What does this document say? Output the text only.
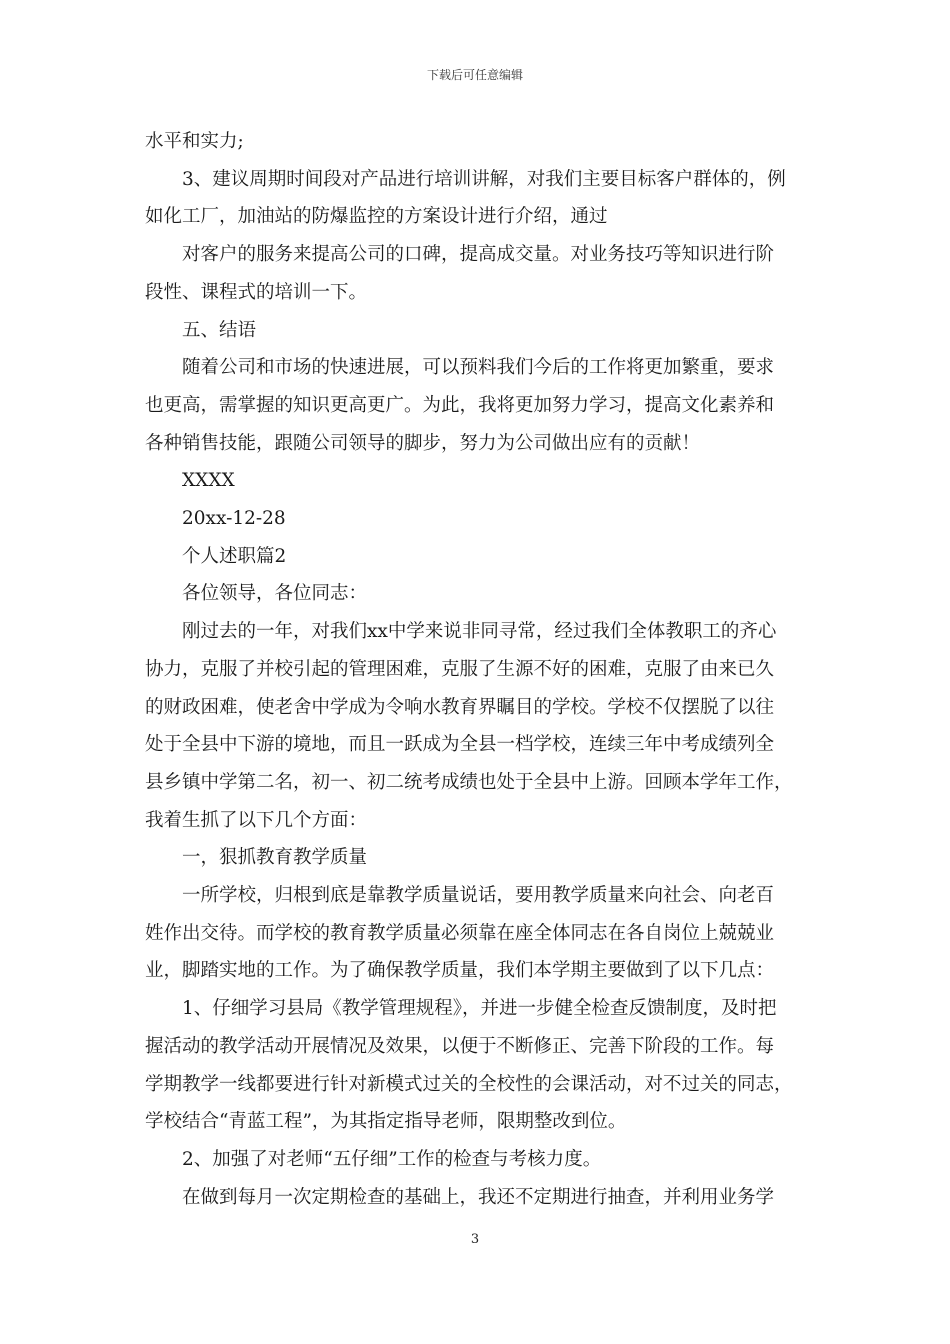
下载后可任意编辑

水平和实力;

3、建议周期时间段对产品进行培训讲解，对我们主要目标客户群体的，例

如化工厂，加油站的防爆监控的方案设计进行介绍，通过

对客户的服务来提高公司的口碑，提高成交量。对业务技巧等知识进行阶

段性、课程式的培训一下。

五、结语

随着公司和市场的快速进展，可以预料我们今后的工作将更加繁重，要求

也更高，需掌握的知识更高更广。为此，我将更加努力学习，提高文化素养和

各种销售技能，跟随公司领导的脚步，努力为公司做出应有的贡献！

XXXX

20xx-12-28

个人述职篇2

各位领导，各位同志：

刚过去的一年，对我们xx中学来说非同寻常，经过我们全体教职工的齐心

协力，克服了并校引起的管理困难，克服了生源不好的困难，克服了由来已久

的财政困难，使老舍中学成为令响水教育界瞩目的学校。学校不仅摆脱了以往

处于全县中下游的境地，而且一跃成为全县一档学校，连续三年中考成绩列全

县乡镇中学第二名，初一、初二统考成绩也处于全县中上游。回顾本学年工作，

我着生抓了以下几个方面：

一，狠抓教育教学质量

一所学校，归根到底是靠教学质量说话，要用教学质量来向社会、向老百

姓作出交待。而学校的教育教学质量必须靠在座全体同志在各自岗位上兢兢业

业，脚踏实地的工作。为了确保教学质量，我们本学期主要做到了以下几点：

1、仔细学习县局《教学管理规程》，并进一步健全检查反馈制度，及时把

握活动的教学活动开展情况及效果，以便于不断修正、完善下阶段的工作。每

学期教学一线都要进行针对新模式过关的全校性的会课活动，对不过关的同志，

学校结合“青蓝工程”，为其指定指导老师，限期整改到位。

2、加强了对老师“五仔细”工作的检查与考核力度。

在做到每月一次定期检查的基础上，我还不定期进行抽查，并利用业务学

3
